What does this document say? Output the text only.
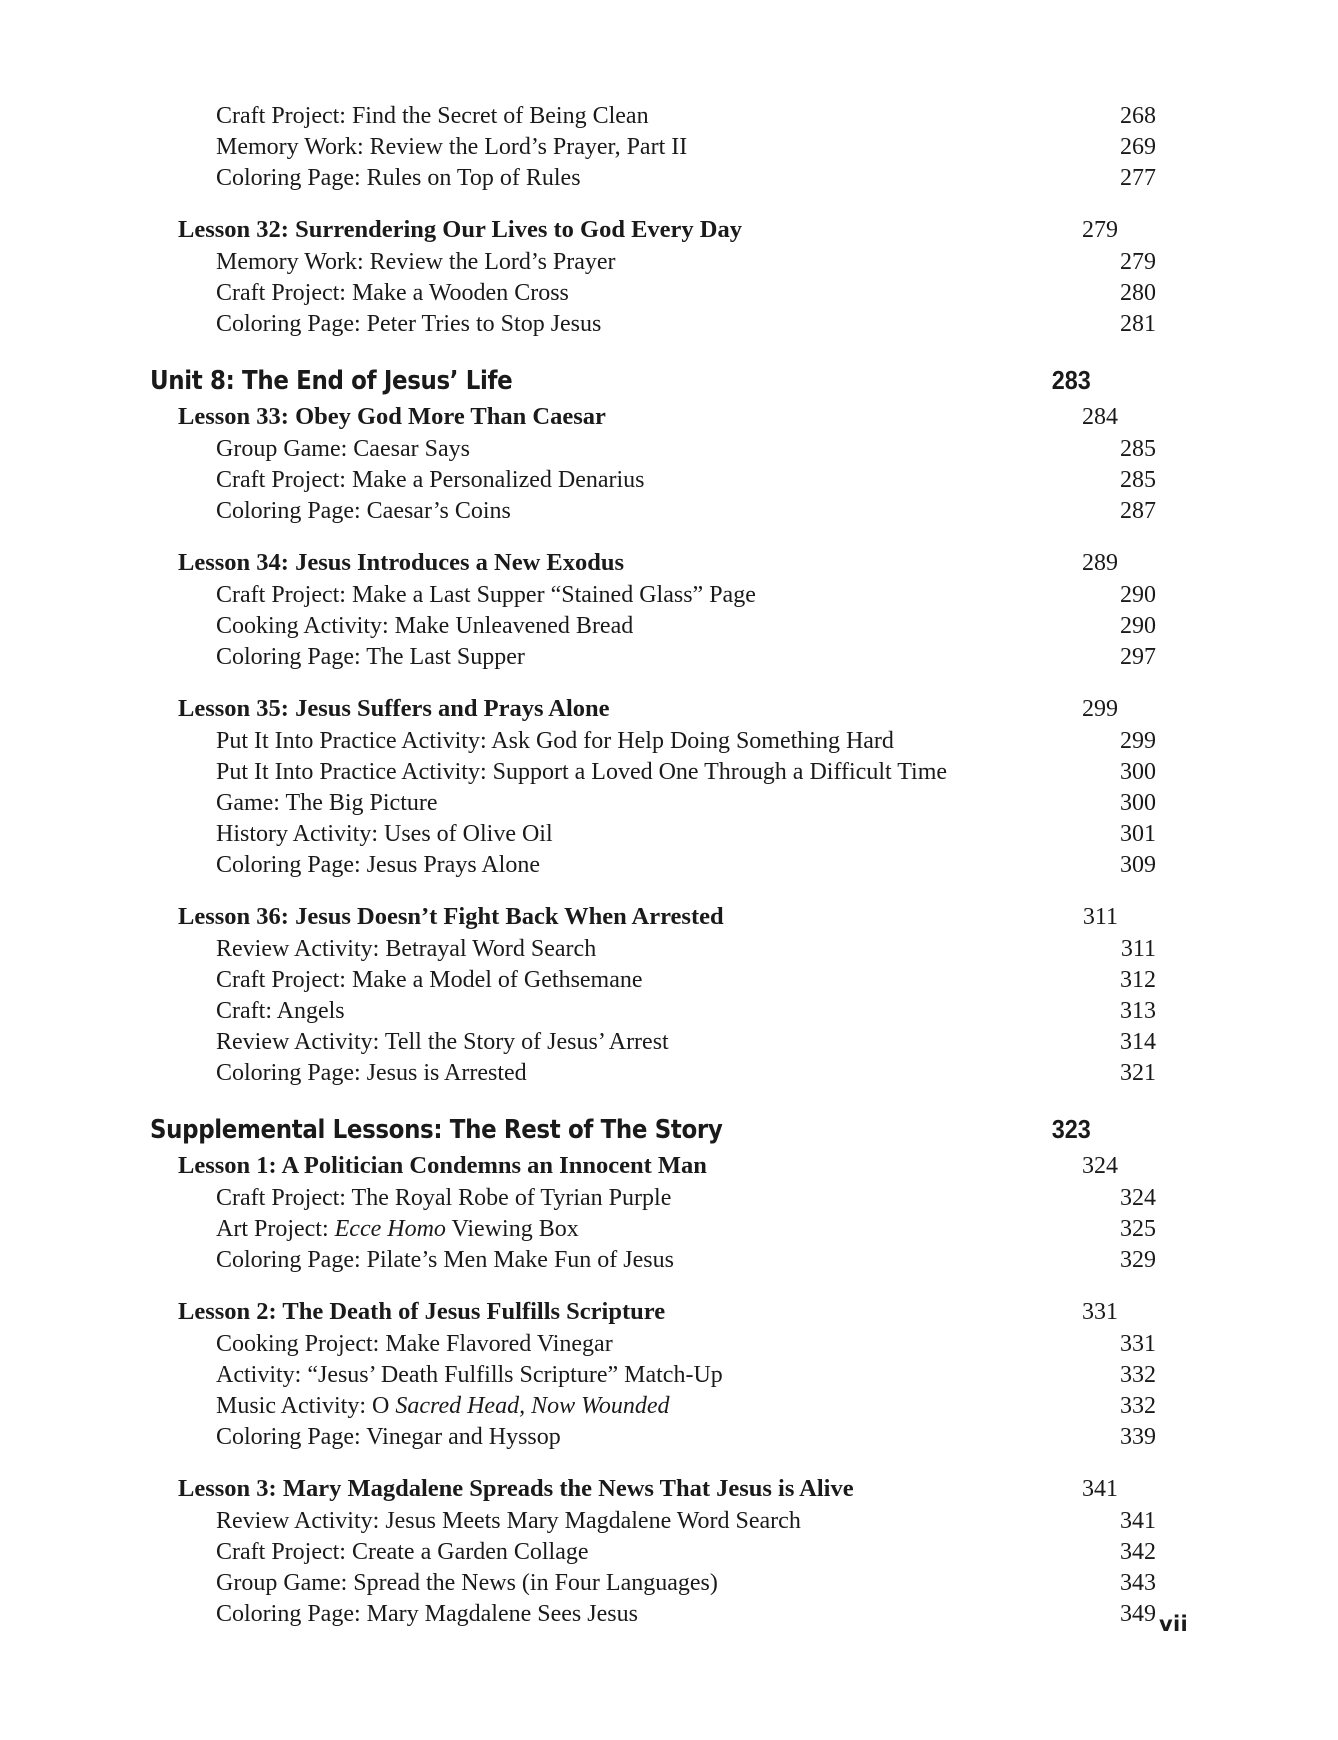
Craft Project: Find the Secret of Being Clean	268
Memory Work: Review the Lord’s Prayer, Part II	269
Coloring Page: Rules on Top of Rules	277
Lesson 32: Surrendering Our Lives to God Every Day	279
Memory Work: Review the Lord’s Prayer	279
Craft Project: Make a Wooden Cross	280
Coloring Page: Peter Tries to Stop Jesus	281
Unit 8: The End of Jesus’ Life	283
Lesson 33: Obey God More Than Caesar	284
Group Game: Caesar Says	285
Craft Project: Make a Personalized Denarius	285
Coloring Page: Caesar’s Coins	287
Lesson 34: Jesus Introduces a New Exodus	289
Craft Project: Make a Last Supper “Stained Glass” Page	290
Cooking Activity: Make Unleavened Bread	290
Coloring Page: The Last Supper	297
Lesson 35: Jesus Suffers and Prays Alone	299
Put It Into Practice Activity: Ask God for Help Doing Something Hard	299
Put It Into Practice Activity: Support a Loved One Through a Difficult Time	300
Game: The Big Picture	300
History Activity: Uses of Olive Oil	301
Coloring Page: Jesus Prays Alone	309
Lesson 36: Jesus Doesn’t Fight Back When Arrested	311
Review Activity: Betrayal Word Search	311
Craft Project: Make a Model of Gethsemane	312
Craft: Angels	313
Review Activity: Tell the Story of Jesus’ Arrest	314
Coloring Page: Jesus is Arrested	321
Supplemental Lessons: The Rest of The Story	323
Lesson 1: A Politician Condemns an Innocent Man	324
Craft Project: The Royal Robe of Tyrian Purple	324
Art Project: Ecce Homo Viewing Box	325
Coloring Page: Pilate’s Men Make Fun of Jesus	329
Lesson 2: The Death of Jesus Fulfills Scripture	331
Cooking Project: Make Flavored Vinegar	331
Activity: “Jesus’ Death Fulfills Scripture” Match-Up	332
Music Activity: O Sacred Head, Now Wounded	332
Coloring Page: Vinegar and Hyssop	339
Lesson 3: Mary Magdalene Spreads the News That Jesus is Alive	341
Review Activity: Jesus Meets Mary Magdalene Word Search	341
Craft Project: Create a Garden Collage	342
Group Game: Spread the News (in Four Languages)	343
Coloring Page: Mary Magdalene Sees Jesus	349 vii
